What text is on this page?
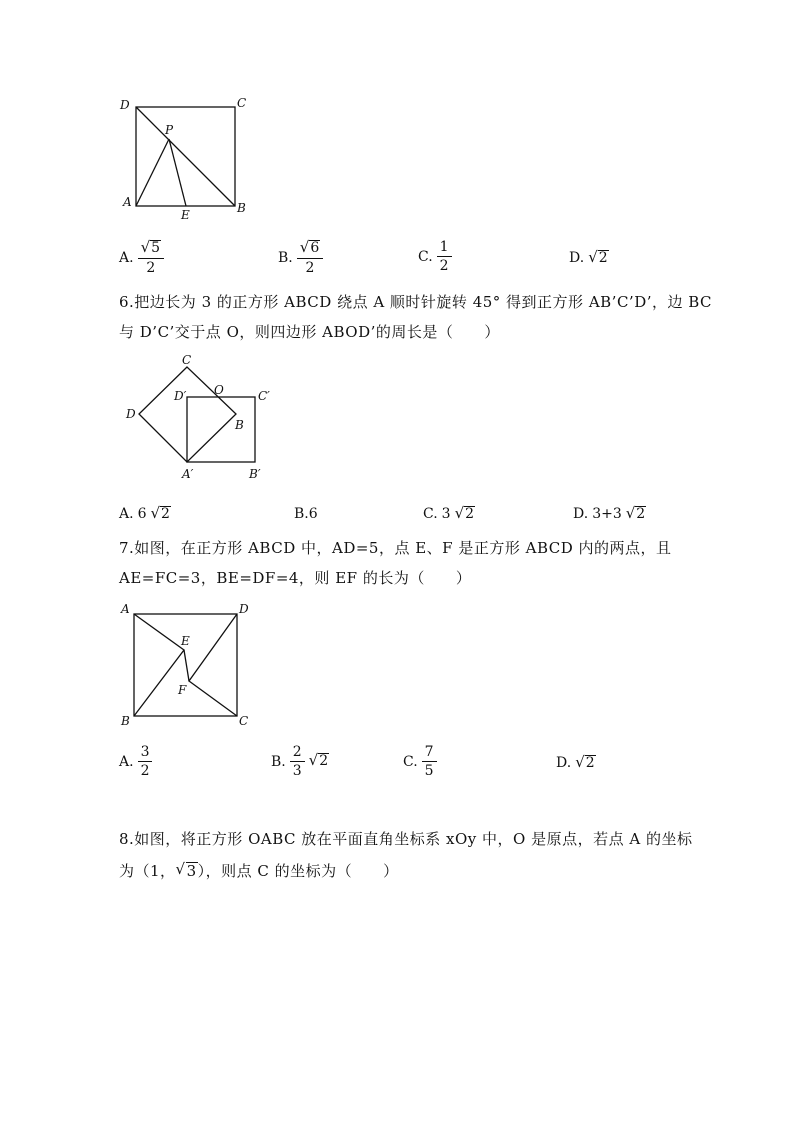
D	C
P
A	B
E
A. $\frac{√ 5}{2}$	B. $\frac{√ 6}{2}$	C. $\frac{1}{2}$	D. √ 2
6.把边长为 3 的正方形 ABCD 绕点 A 顺时针旋转 45° 得到正方形 AB’C’D’，边 BC
与 D’C’交于点 O，则四边形 ABOD’的周长是（　　）
C
D′ O	C′
D
B
A′	B′
A. 6 √ 2	B.6	C. 3 √ 2	D. 3+3 √ 2
7.如图，在正方形 ABCD 中，AD=5，点 E、F 是正方形 ABCD 内的两点，且
AE=FC=3，BE=DF=4，则 EF 的长为（　　）
A	D
E
F
B	C
A. $\frac{3}{2}$	B. $\frac{2}{3}$ √ 2	C. $\frac{7}{5}$	D. √ 2
8.如图，将正方形 OABC 放在平面直角坐标系 xOy 中，O 是原点，若点 A 的坐标
为（1， √ 3 ），则点 C 的坐标为（　　）
